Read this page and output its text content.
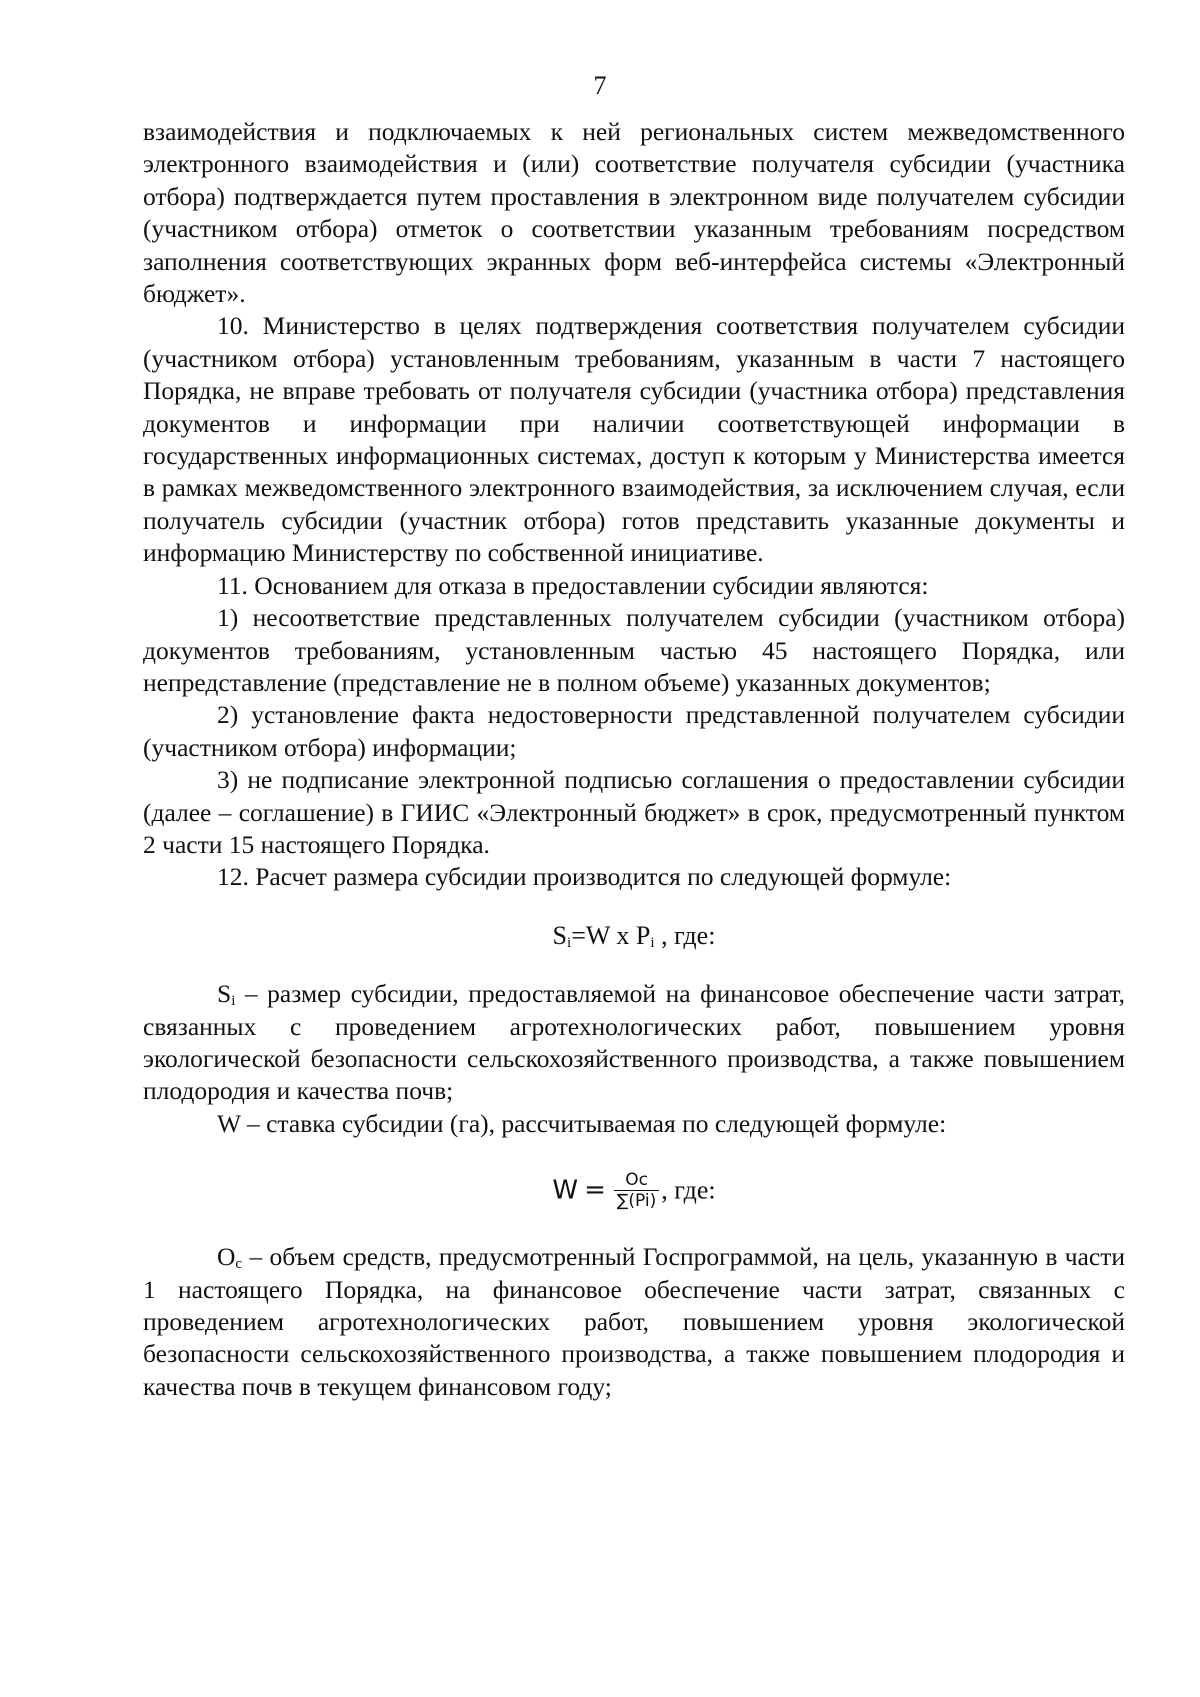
7

взаимодействия и подключаемых к ней региональных систем межведомственного электронного взаимодействия и (или) соответствие получателя субсидии (участника отбора) подтверждается путем проставления в электронном виде получателем субсидии (участником отбора) отметок о соответствии указанным требованиям посредством заполнения соответствующих экранных форм веб-интерфейса системы «Электронный бюджет».

10. Министерство в целях подтверждения соответствия получателем субсидии (участником отбора) установленным требованиям, указанным в части 7 настоящего Порядка, не вправе требовать от получателя субсидии (участника отбора) представления документов и информации при наличии соответствующей информации в государственных информационных системах, доступ к которым у Министерства имеется в рамках межведомственного электронного взаимодействия, за исключением случая, если получатель субсидии (участник отбора) готов представить указанные документы и информацию Министерству по собственной инициативе.

11. Основанием для отказа в предоставлении субсидии являются:

1) несоответствие представленных получателем субсидии (участником отбора) документов требованиям, установленным частью 45 настоящего Порядка, или непредставление (представление не в полном объеме) указанных документов;

2) установление факта недостоверности представленной получателем субсидии (участником отбора) информации;

3) не подписание электронной подписью соглашения о предоставлении субсидии (далее – соглашение) в ГИИС «Электронный бюджет» в срок, предусмотренный пунктом 2 части 15 настоящего Порядка.

12. Расчет размера субсидии производится по следующей формуле:

$S_i=W$ x $P_i$ , где:

$S_i$ – размер субсидии, предоставляемой на финансовое обеспечение части затрат, связанных с проведением агротехнологических работ, повышением уровня экологической безопасности сельскохозяйственного производства, а также повышением плодородия и качества почв;

W – ставка субсидии (га), рассчитываемая по следующей формуле:

$W = \frac{Oc}{\sum(Pi)}$ , где:

$O_c$ – объем средств, предусмотренный Госпрограммой, на цель, указанную в части 1 настоящего Порядка, на финансовое обеспечение части затрат, связанных с проведением агротехнологических работ, повышением уровня экологической безопасности сельскохозяйственного производства, а также повышением плодородия и качества почв в текущем финансовом году;
